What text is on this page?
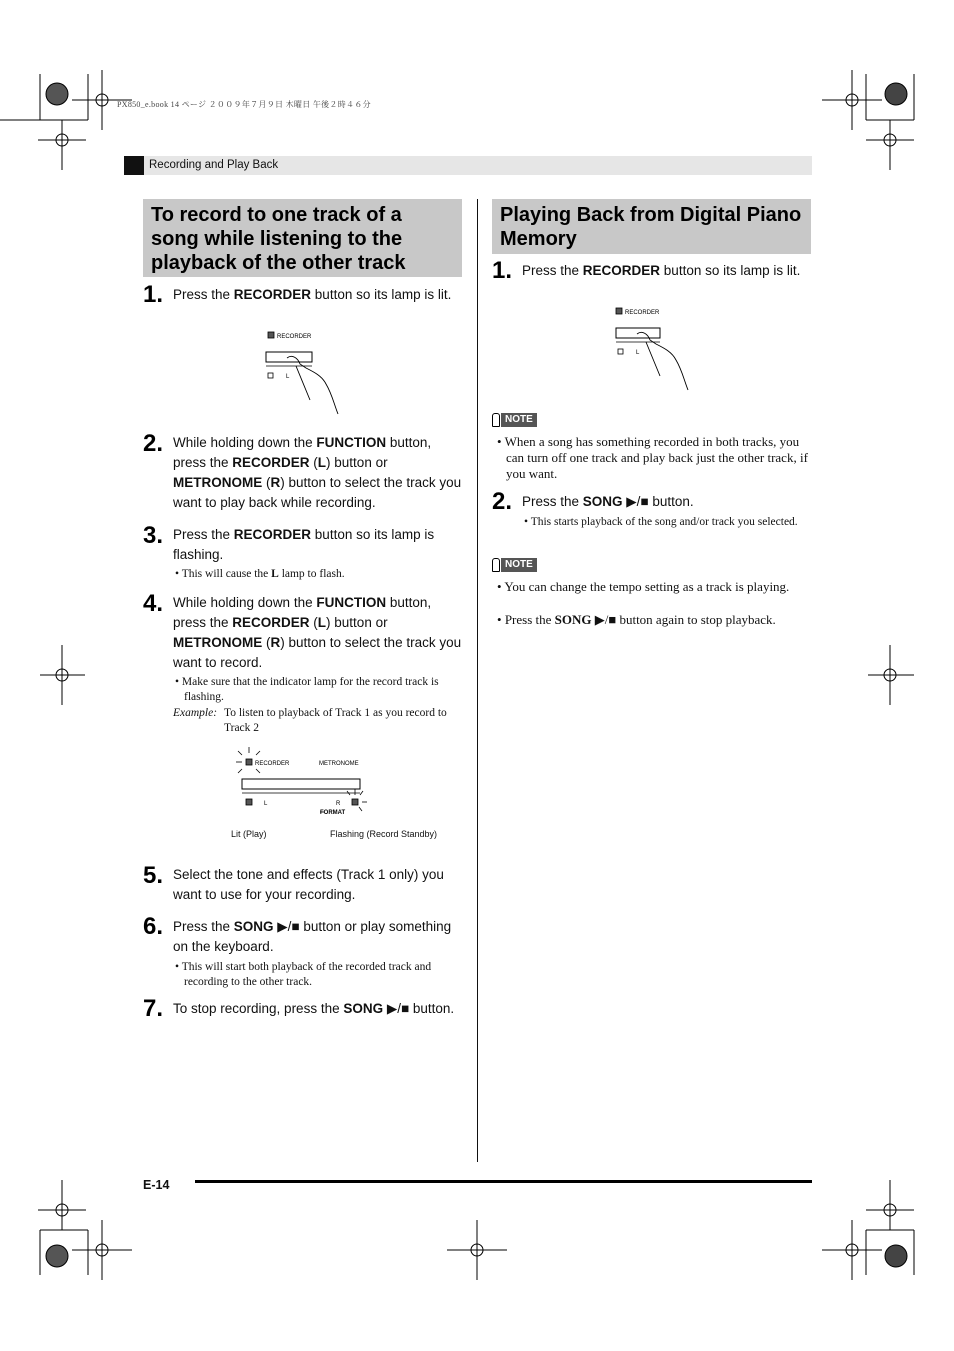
PX850_e.book 14 ページ ２００９年７月９日 木曜日 午後２時４６分
Recording and Play Back
To record to one track of a song while listening to the playback of the other track
1. Press the RECORDER button so its lamp is lit.
RECORDER
L
2. While holding down the FUNCTION button, press the RECORDER (L) button or METRONOME (R) button to select the track you want to play back while recording.
3. Press the RECORDER button so its lamp is flashing.
• This will cause the L lamp to flash.
4. While holding down the FUNCTION button, press the RECORDER (L) button or METRONOME (R) button to select the track you want to record.
• Make sure that the indicator lamp for the record track is flashing.
Example: To listen to playback of Track 1 as you record to Track 2
RECORDER	METRONOME
L	R
FORMAT
Lit (Play)	Flashing (Record Standby)
5. Select the tone and effects (Track 1 only) you want to use for your recording.
6. Press the SONG ▶/■ button or play something on the keyboard.
• This will start both playback of the recorded track and recording to the other track.
7. To stop recording, press the SONG ▶/■ button.
Playing Back from Digital Piano Memory
1. Press the RECORDER button so its lamp is lit.
RECORDER
L
NOTE
• When a song has something recorded in both tracks, you can turn off one track and play back just the other track, if you want.
2. Press the SONG ▶/■ button.
• This starts playback of the song and/or track you selected.
NOTE
• You can change the tempo setting as a track is playing.
• Press the SONG ▶/■ button again to stop playback.
E-14
